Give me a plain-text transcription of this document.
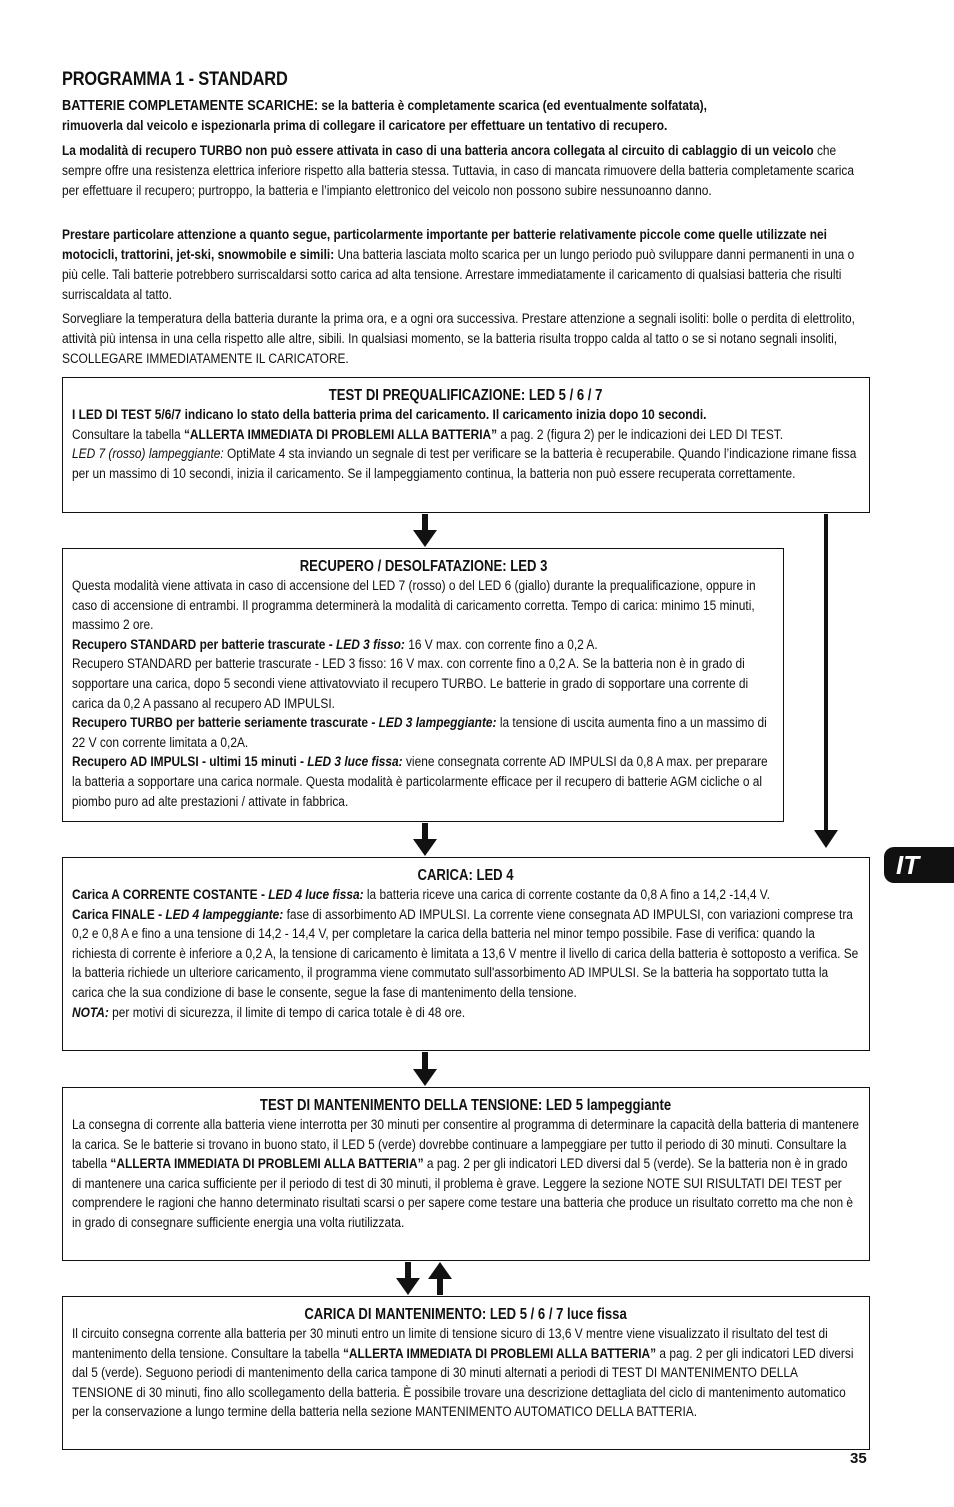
PROGRAMMA 1 - STANDARD

BATTERIE COMPLETAMENTE SCARICHE: se la batteria è completamente scarica (ed eventualmente solfatata),

rimuoverla dal veicolo e ispezionarla prima di collegare il caricatore per effettuare un tentativo di recupero.

La modalità di recupero TURBO non può essere attivata in caso di una batteria ancora collegata al circuito di cablaggio di un veicolo che sempre offre una resistenza elettrica inferiore rispetto alla batteria stessa. Tuttavia, in caso di mancata rimuovere della batteria completamente scarica per effettuare il recupero; purtroppo, la batteria e l’impianto elettronico del veicolo non possono subire nessunoanno danno.

Prestare particolare attenzione a quanto segue, particolarmente importante per batterie relativamente piccole come quelle utilizzate nei motocicli, trattorini, jet-ski, snowmobile e simili: Una batteria lasciata molto scarica per un lungo periodo può sviluppare danni permanenti in una o più celle. Tali batterie potrebbero surriscaldarsi sotto carica ad alta tensione. Arrestare immediatamente il caricamento di qualsiasi batteria che risulti surriscaldata al tatto.

Sorvegliare la temperatura della batteria durante la prima ora, e a ogni ora successiva. Prestare attenzione a segnali isoliti: bolle o perdita di elettrolito, attività più intensa in una cella rispetto alle altre, sibili. In qualsiasi momento, se la batteria risulta troppo calda al tatto o se si notano segnali insoliti, SCOLLEGARE IMMEDIATAMENTE IL CARICATORE.

TEST DI PREQUALIFICAZIONE: LED 5 / 6 / 7

I LED DI TEST 5/6/7 indicano lo stato della batteria prima del caricamento. Il caricamento inizia dopo 10 secondi.

Consultare la tabella “ALLERTA IMMEDIATA DI PROBLEMI ALLA BATTERIA” a pag. 2 (figura 2) per le indicazioni dei LED DI TEST.

LED 7 (rosso) lampeggiante: OptiMate 4 sta inviando un segnale di test per verificare se la batteria è recuperabile. Quando l’indicazione rimane fissa per un massimo di 10 secondi, inizia il caricamento. Se il lampeggiamento continua, la batteria non può essere recuperata correttamente.

RECUPERO / DESOLFATAZIONE: LED 3

Questa modalità viene attivata in caso di accensione del LED 7 (rosso) o del LED 6 (giallo) durante la prequalificazione, oppure in caso di accensione di entrambi. Il programma determinerà la modalità di caricamento corretta. Tempo di carica: minimo 15 minuti, massimo 2 ore.

Recupero STANDARD per batterie trascurate - LED 3 fisso: 16 V max. con corrente fino a 0,2 A.

Recupero STANDARD per batterie trascurate - LED 3 fisso: 16 V max. con corrente fino a 0,2 A. Se la batteria non è in grado di sopportare una carica, dopo 5 secondi viene attivatovviato il recupero TURBO. Le batterie in grado di sopportare una corrente di carica da 0,2 A passano al recupero AD IMPULSI.

Recupero TURBO per batterie seriamente trascurate - LED 3 lampeggiante: la tensione di uscita aumenta fino a un massimo di 22 V con corrente limitata a 0,2A.

Recupero AD IMPULSI - ultimi 15 minuti - LED 3 luce fissa: viene consegnata corrente AD IMPULSI da 0,8 A max. per preparare la batteria a sopportare una carica normale. Questa modalità è particolarmente efficace per il recupero di batterie AGM cicliche o al piombo puro ad alte prestazioni / attivate in fabbrica.

CARICA: LED 4

Carica A CORRENTE COSTANTE - LED 4 luce fissa: la batteria riceve una carica di corrente costante da 0,8 A fino a 14,2 -14,4 V.

Carica FINALE - LED 4 lampeggiante: fase di assorbimento AD IMPULSI. La corrente viene consegnata AD IMPULSI, con variazioni comprese tra 0,2 e 0,8 A e fino a una tensione di 14,2 - 14,4 V, per completare la carica della batteria nel minor tempo possibile. Fase di verifica: quando la richiesta di corrente è inferiore a 0,2 A, la tensione di caricamento è limitata a 13,6 V mentre il livello di carica della batteria è sottoposto a verifica. Se la batteria richiede un ulteriore caricamento, il programma viene commutato sull'assorbimento AD IMPULSI. Se la batteria ha sopportato tutta la carica che la sua condizione di base le consente, segue la fase di mantenimento della tensione.

NOTA: per motivi di sicurezza, il limite di tempo di carica totale è di 48 ore.

TEST DI MANTENIMENTO DELLA TENSIONE: LED 5 lampeggiante

La consegna di corrente alla batteria viene interrotta per 30 minuti per consentire al programma di determinare la capacità della batteria di mantenere la carica. Se le batterie si trovano in buono stato, il LED 5 (verde) dovrebbe continuare a lampeggiare per tutto il periodo di 30 minuti. Consultare la tabella “ALLERTA IMMEDIATA DI PROBLEMI ALLA BATTERIA” a pag. 2 per gli indicatori LED diversi dal 5 (verde). Se la batteria non è in grado di mantenere una carica sufficiente per il periodo di test di 30 minuti, il problema è grave. Leggere la sezione NOTE SUI RISULTATI DEI TEST per comprendere le ragioni che hanno determinato risultati scarsi o per sapere come testare una batteria che produce un risultato corretto ma che non è in grado di consegnare sufficiente energia una volta riutilizzata.

CARICA DI MANTENIMENTO: LED 5 / 6 / 7 luce fissa

Il circuito consegna corrente alla batteria per 30 minuti entro un limite di tensione sicuro di 13,6 V mentre viene visualizzato il risultato del test di mantenimento della tensione. Consultare la tabella “ALLERTA IMMEDIATA DI PROBLEMI ALLA BATTERIA” a pag. 2 per gli indicatori LED diversi dal 5 (verde). Seguono periodi di mantenimento della carica tampone di 30 minuti alternati a periodi di TEST DI MANTENIMENTO DELLA TENSIONE di 30 minuti, fino allo scollegamento della batteria. È possibile trovare una descrizione dettagliata del ciclo di mantenimento automatico per la conservazione a lungo termine della batteria nella sezione MANTENIMENTO AUTOMATICO DELLA BATTERIA.

IT
35
